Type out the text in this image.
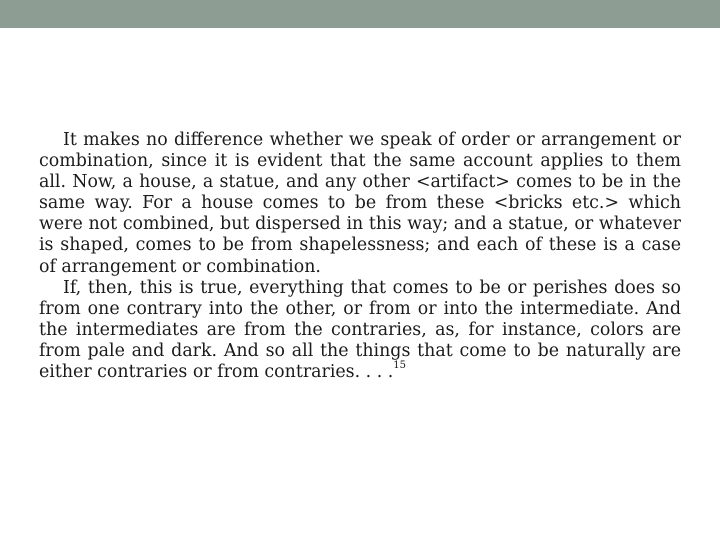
It makes no difference whether we speak of order or arrangement or combination, since it is evident that the same account applies to them all. Now, a house, a statue, and any other <artifact> comes to be in the same way. For a house comes to be from these <bricks etc.> which were not combined, but dispersed in this way; and a statue, or whatever is shaped, comes to be from shapelessness; and each of these is a case of arrangement or combination.

If, then, this is true, everything that comes to be or perishes does so from one contrary into the other, or from or into the intermediate. And the intermediates are from the contraries, as, for instance, colors are from pale and dark. And so all the things that come to be naturally are either contraries or from contraries. . . .$^{15}$
